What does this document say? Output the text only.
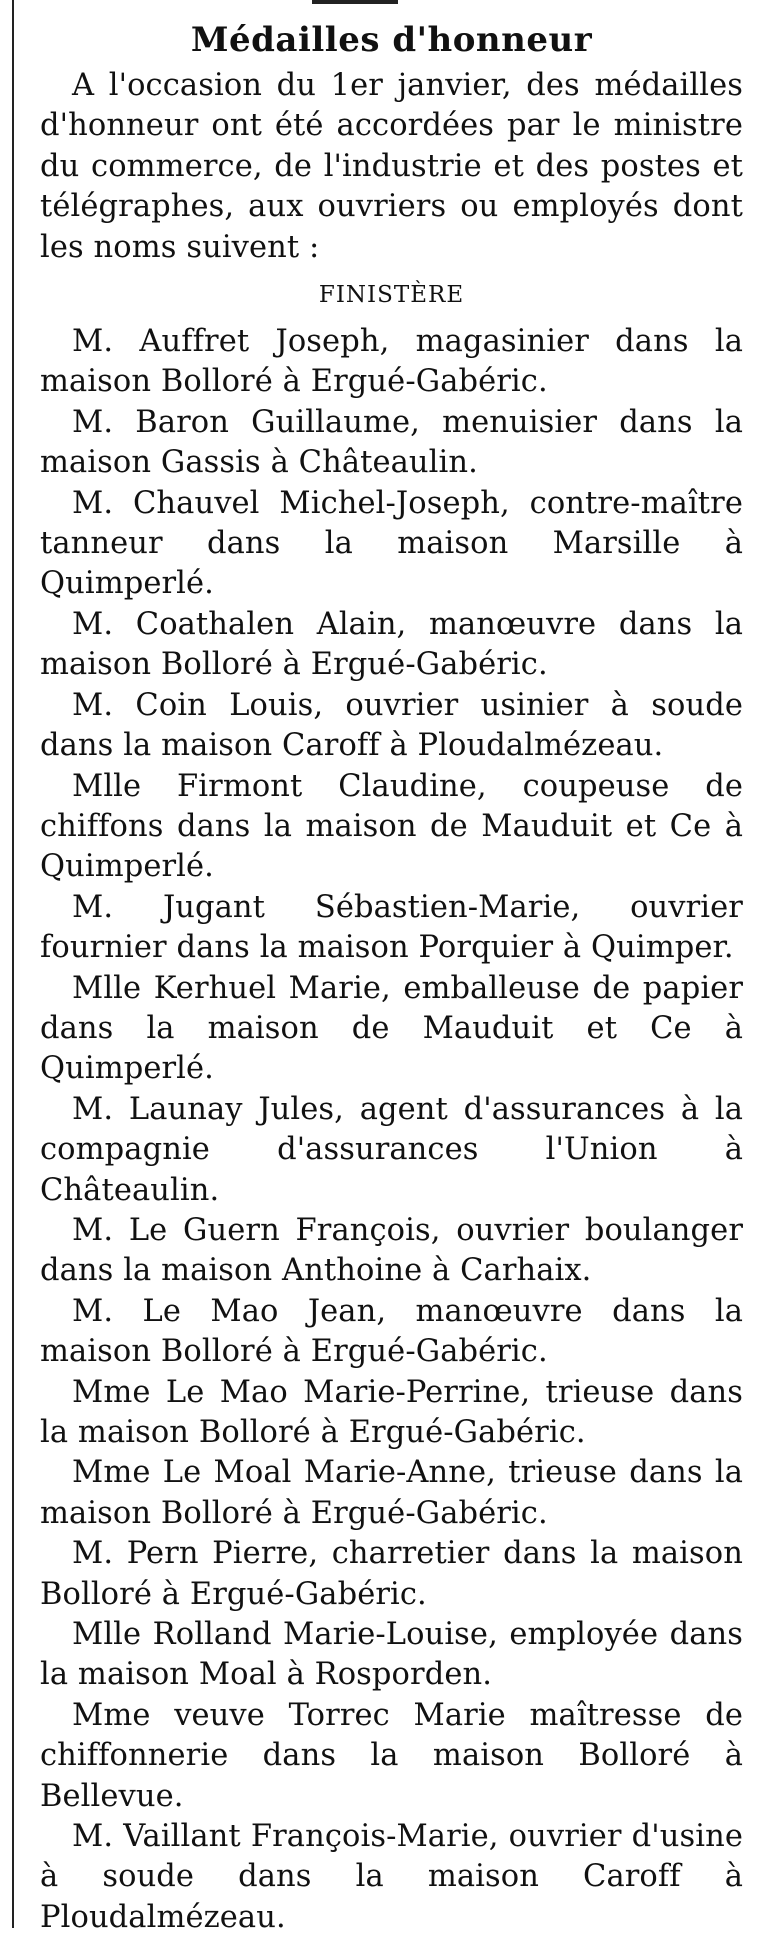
Médailles d'honneur

A l'occasion du 1er janvier, des médailles d'honneur ont été accordées par le ministre du commerce, de l'industrie et des postes et télégraphes, aux ouvriers ou employés dont les noms suivent :

FINISTÈRE

M. Auffret Joseph, magasinier dans la maison Bolloré à Ergué-Gabéric.

M. Baron Guillaume, menuisier dans la maison Gassis à Châteaulin.

M. Chauvel Michel-Joseph, contre-maître tanneur dans la maison Marsille à Quimperlé.

M. Coathalen Alain, manœuvre dans la maison Bolloré à Ergué-Gabéric.

M. Coin Louis, ouvrier usinier à soude dans la maison Caroff à Ploudalmézeau.

Mlle Firmont Claudine, coupeuse de chiffons dans la maison de Mauduit et Ce à Quimperlé.

M. Jugant Sébastien-Marie, ouvrier fournier dans la maison Porquier à Quimper.

Mlle Kerhuel Marie, emballeuse de papier dans la maison de Mauduit et Ce à Quimperlé.

M. Launay Jules, agent d'assurances à la compagnie d'assurances l'Union à Châteaulin.

M. Le Guern François, ouvrier boulanger dans la maison Anthoine à Carhaix.

M. Le Mao Jean, manœuvre dans la maison Bolloré à Ergué-Gabéric.

Mme Le Mao Marie-Perrine, trieuse dans la maison Bolloré à Ergué-Gabéric.

Mme Le Moal Marie-Anne, trieuse dans la maison Bolloré à Ergué-Gabéric.

M. Pern Pierre, charretier dans la maison Bolloré à Ergué-Gabéric.

Mlle Rolland Marie-Louise, employée dans la maison Moal à Rosporden.

Mme veuve Torrec Marie maîtresse de chiffonnerie dans la maison Bolloré à Bellevue.

M. Vaillant François-Marie, ouvrier d'usine à soude dans la maison Caroff à Ploudalmézeau.
